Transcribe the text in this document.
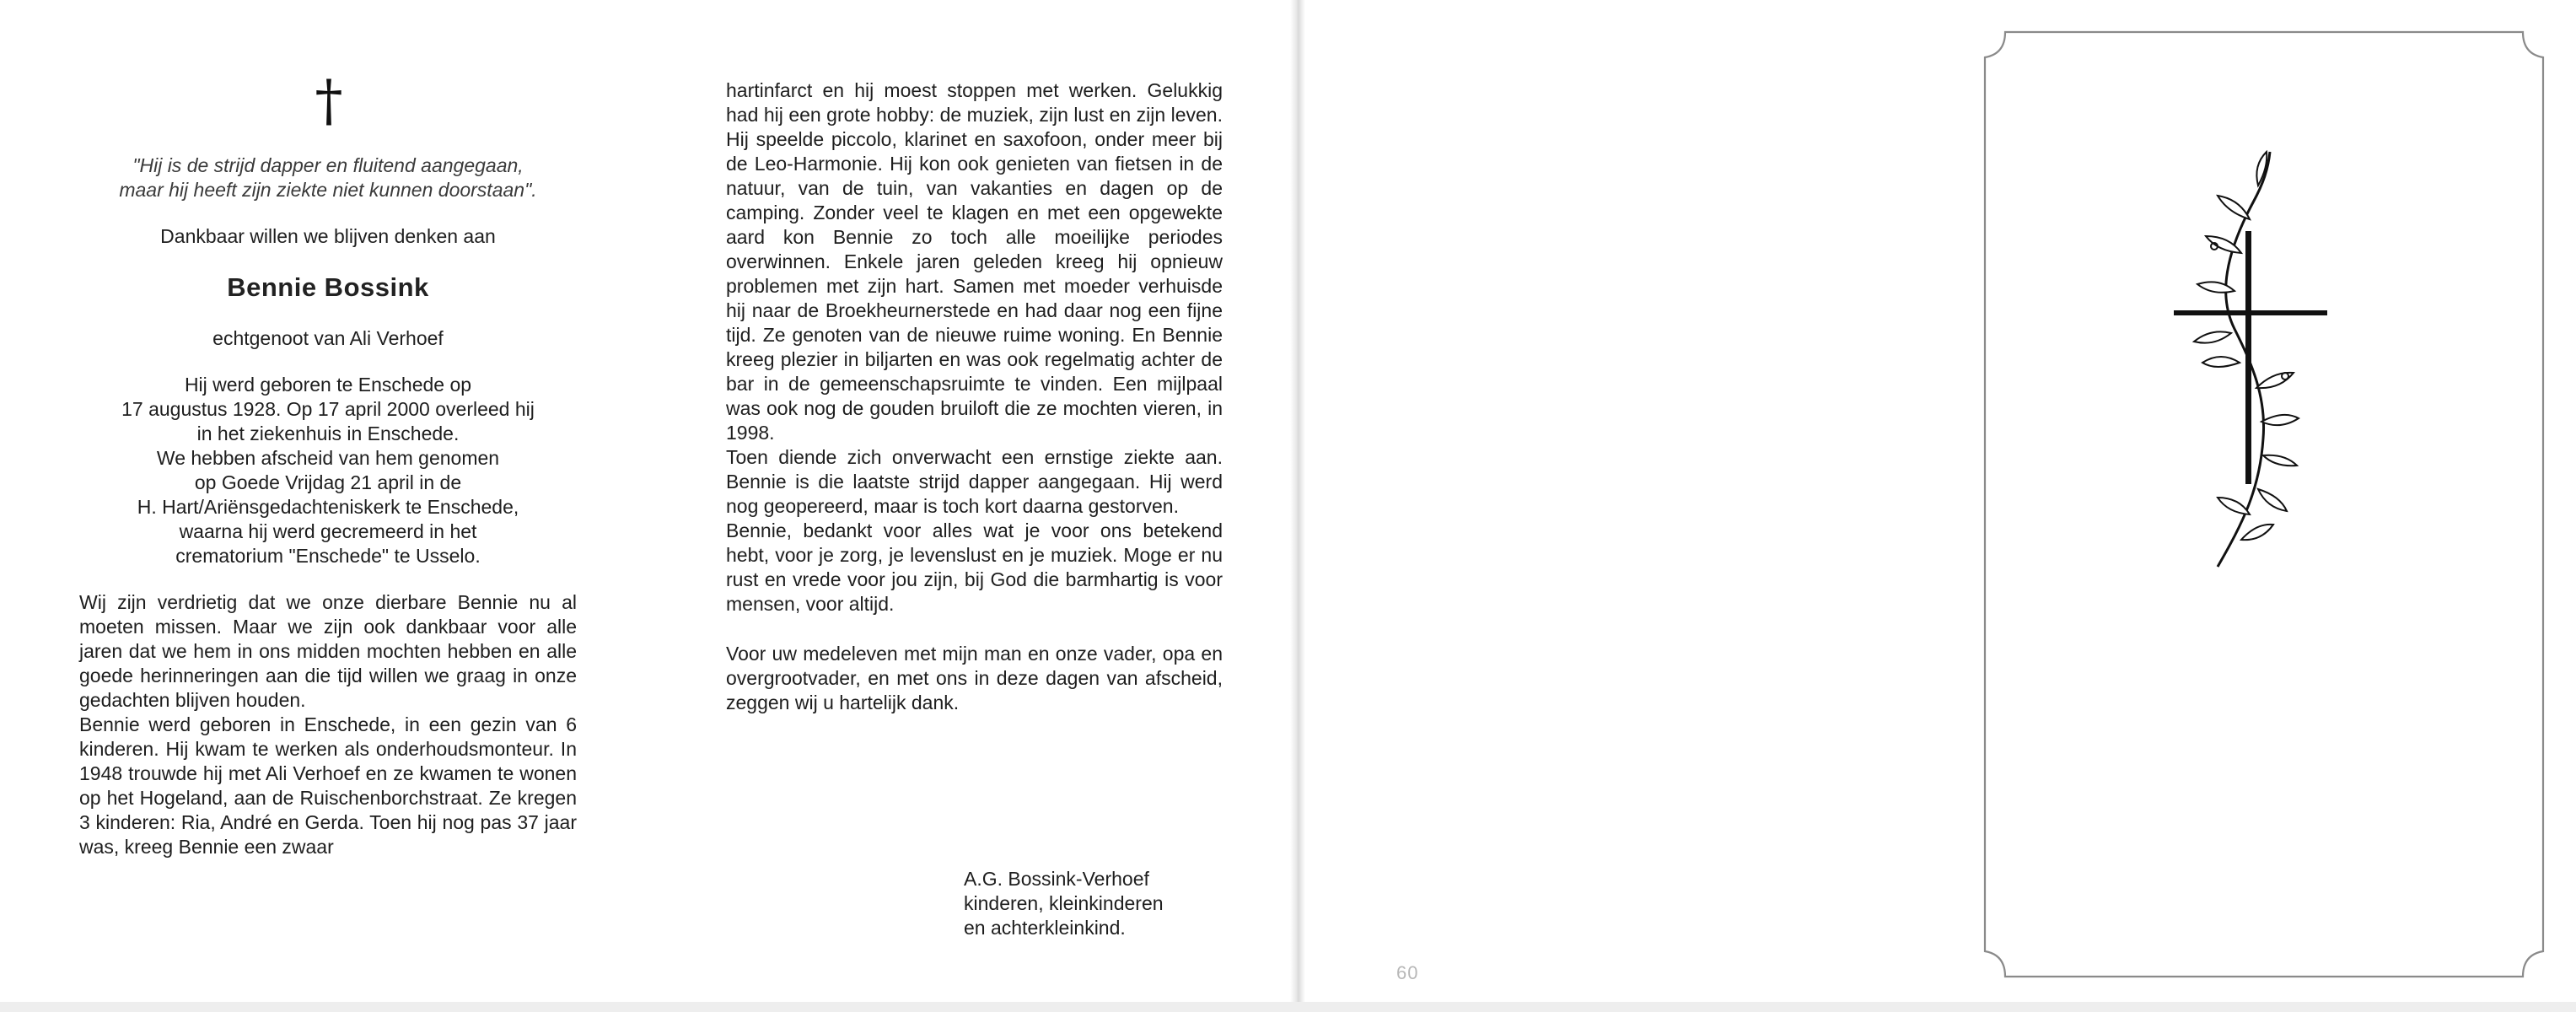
†
"Hij is de strijd dapper en fluitend aangegaan,
maar hij heeft zijn ziekte niet kunnen doorstaan".
Dankbaar willen we blijven denken aan
Bennie Bossink
echtgenoot van Ali Verhoef
Hij werd geboren te Enschede op
17 augustus 1928. Op 17 april 2000 overleed hij
in het ziekenhuis in Enschede.
We hebben afscheid van hem genomen
op Goede Vrijdag 21 april in de
H. Hart/Ariënsgedachteniskerk te Enschede,
waarna hij werd gecremeerd in het
crematorium "Enschede" te Usselo.
Wij zijn verdrietig dat we onze dierbare Bennie nu al moeten missen. Maar we zijn ook dankbaar voor alle jaren dat we hem in ons midden mochten hebben en alle goede herinneringen aan die tijd willen we graag in onze gedachten blijven houden.
Bennie werd geboren in Enschede, in een gezin van 6 kinderen. Hij kwam te werken als onderhoudsmonteur. In 1948 trouwde hij met Ali Verhoef en ze kwamen te wonen op het Hogeland, aan de Ruischenborchstraat. Ze kregen 3 kinderen: Ria, André en Gerda. Toen hij nog pas 37 jaar was, kreeg Bennie een zwaar
hartinfarct en hij moest stoppen met werken. Gelukkig had hij een grote hobby: de muziek, zijn lust en zijn leven. Hij speelde piccolo, klarinet en saxofoon, onder meer bij de Leo-Harmonie. Hij kon ook genieten van fietsen in de natuur, van de tuin, van vakanties en dagen op de camping. Zonder veel te klagen en met een opgewekte aard kon Bennie zo toch alle moeilijke periodes overwinnen. Enkele jaren geleden kreeg hij opnieuw problemen met zijn hart. Samen met moeder verhuisde hij naar de Broekheurnerstede en had daar nog een fijne tijd. Ze genoten van de nieuwe ruime woning. En Bennie kreeg plezier in biljarten en was ook regelmatig achter de bar in de gemeenschapsruimte te vinden. Een mijlpaal was ook nog de gouden bruiloft die ze mochten vieren, in 1998.
Toen diende zich onverwacht een ernstige ziekte aan. Bennie is die laatste strijd dapper aangegaan. Hij werd nog geopereerd, maar is toch kort daarna gestorven.
Bennie, bedankt voor alles wat je voor ons betekend hebt, voor je zorg, je levenslust en je muziek. Moge er nu rust en vrede voor jou zijn, bij God die barmhartig is voor mensen, voor altijd.
Voor uw medeleven met mijn man en onze vader, opa en overgrootvader, en met ons in deze dagen van afscheid, zeggen wij u hartelijk dank.
A.G. Bossink-Verhoef
kinderen, kleinkinderen
en achterkleinkind.
60
